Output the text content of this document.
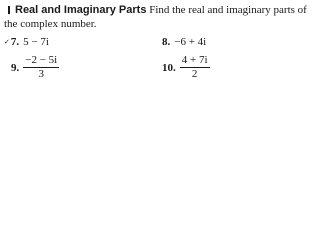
Real and Imaginary Parts Find the real and imaginary parts of the complex number.
✓7. 5 − 7i	8. −6 + 4i
9. $\frac{-2 - 5i}{3}$	10. $\frac{4 + 7i}{2}$
